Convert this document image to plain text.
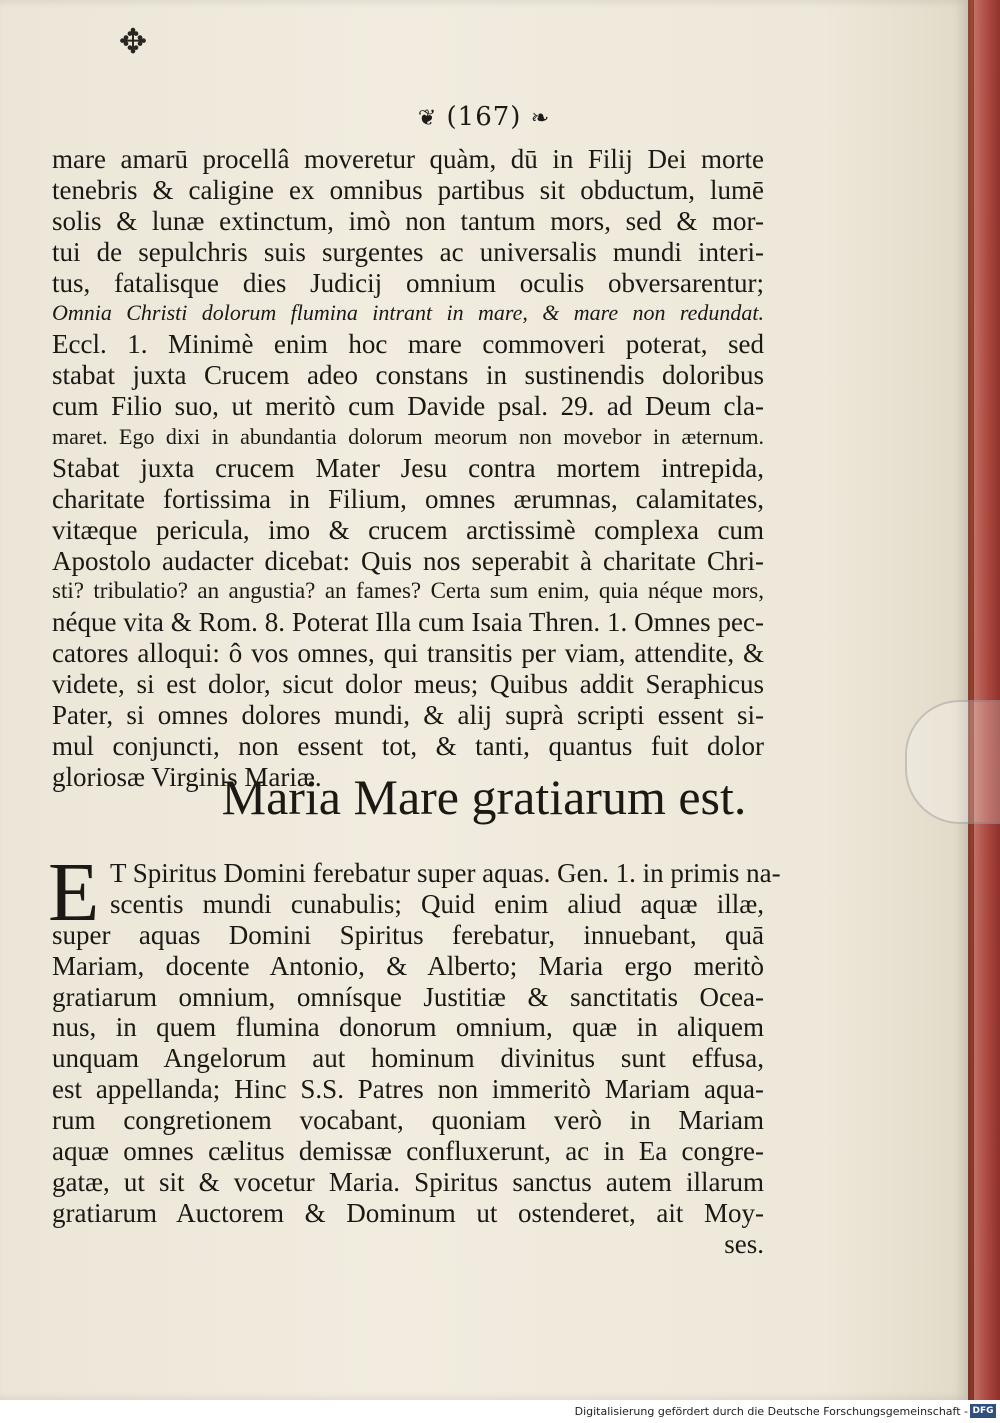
✥
❦ (167) ❧
mare amarū procellâ moveretur quàm, dū in Filij Dei morte
tenebris & caligine ex omnibus partibus sit obductum, lumē
solis & lunæ extinctum, imò non tantum mors, sed & mor-
tui de sepulchris suis surgentes ac universalis mundi interi-
tus, fatalisque dies Judicij omnium oculis obversarentur;
Omnia Christi dolorum flumina intrant in mare, & mare non redundat.
Eccl. 1. Minimè enim hoc mare commoveri poterat, sed
stabat juxta Crucem adeo constans in sustinendis doloribus
cum Filio suo, ut meritò cum Davide psal. 29. ad Deum cla-
maret. Ego dixi in abundantia dolorum meorum non movebor in æternum.
Stabat juxta crucem Mater Jesu contra mortem intrepida,
charitate fortissima in Filium, omnes ærumnas, calamitates,
vitæque pericula, imo & crucem arctissimè complexa cum
Apostolo audacter dicebat: Quis nos seperabit à charitate Chri-
sti? tribulatio? an angustia? an fames? Certa sum enim, quia néque mors,
néque vita & Rom. 8. Poterat Illa cum Isaia Thren. 1. Omnes pec-
catores alloqui: ô vos omnes, qui transitis per viam, attendite, &
videte, si est dolor, sicut dolor meus; Quibus addit Seraphicus
Pater, si omnes dolores mundi, & alij suprà scripti essent si-
mul conjuncti, non essent tot, & tanti, quantus fuit dolor
gloriosæ Virginis Mariæ.
Maria Mare gratiarum est.
E T Spiritus Domini ferebatur super aquas. Gen. 1. in primis na-
scentis mundi cunabulis; Quid enim aliud aquæ illæ,
super aquas Domini Spiritus ferebatur, innuebant, quā
Mariam, docente Antonio, & Alberto; Maria ergo meritò
gratiarum omnium, omnísque Justitiæ & sanctitatis Ocea-
nus, in quem flumina donorum omnium, quæ in aliquem
unquam Angelorum aut hominum divinitus sunt effusa,
est appellanda; Hinc S.S. Patres non immeritò Mariam aqua-
rum congretionem vocabant, quoniam verò in Mariam
aquæ omnes cælitus demissæ confluxerunt, ac in Ea congre-
gatæ, ut sit & vocetur Maria. Spiritus sanctus autem illarum
gratiarum Auctorem & Dominum ut ostenderet, ait Moy-
ses.
Digitalisierung gefördert durch die Deutsche Forschungsgemeinschaft - DFG
